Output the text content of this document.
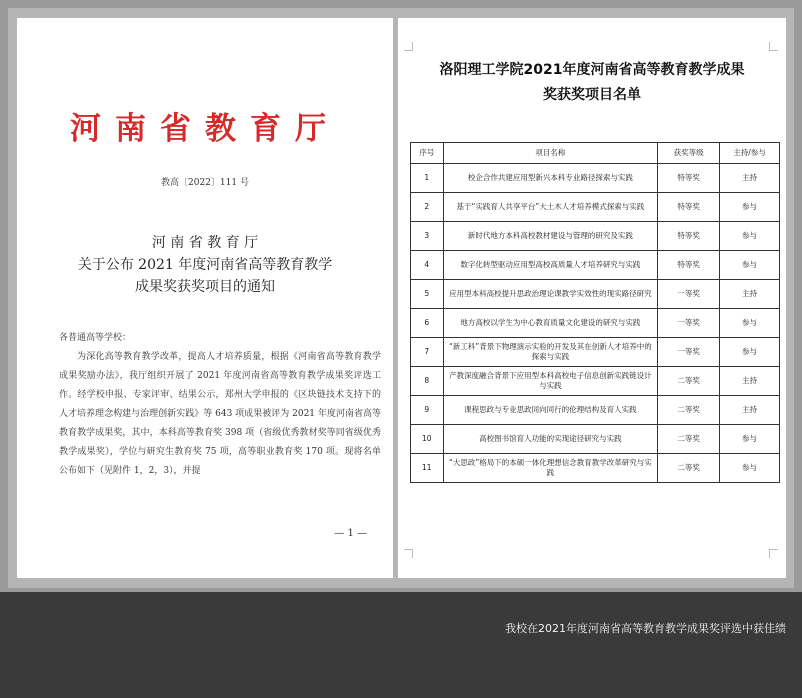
河南省教育厅
教高〔2022〕111 号
河 南 省 教 育 厅
关于公布 2021 年度河南省高等教育教学
成果奖获奖项目的通知
各普通高等学校：
为深化高等教育教学改革，提高人才培养质量，根据《河南省高等教育教学成果奖励办法》，我厅组织开展了 2021 年度河南省高等教育教学成果奖评选工作。经学校申报、专家评审、结果公示，郑州大学申报的《区块链技术支持下的人才培养理念构建与治理创新实践》等 643 项成果被评为 2021 年度河南省高等教育教学成果奖，其中，本科高等教育奖 398 项（省级优秀教材奖等同省级优秀教学成果奖），学位与研究生教育奖 75 项，高等职业教育奖 170 项。现将名单公布如下（见附件 1，2，3），并提
— 1 —
洛阳理工学院2021年度河南省高等教育教学成果
奖获奖项目名单
序号	项目名称	获奖等级	主持/参与
1	校企合作共建应用型新兴本科专业路径探索与实践	特等奖	主持
2	基于“实践育人共享平台”大土木人才培养模式探索与实践	特等奖	参与
3	新时代地方本科高校教材建设与管理的研究及实践	特等奖	参与
4	数字化转型驱动应用型高校高质量人才培养研究与实践	特等奖	参与
5	应用型本科高校提升思政治理论课教学实效性的现实路径研究	一等奖	主持
6	地方高校以学生为中心教育质量文化建设的研究与实践	一等奖	参与
7	“新工科”背景下物理演示实验的开发及其在创新人才培养中的探索与实践	一等奖	参与
8	产教深度融合背景下应用型本科高校电子信息创新实践链设计与实践	二等奖	主持
9	课程思政与专业思政同向同行的伦理结构及育人实践	二等奖	主持
10	高校图书馆育人功能的实现途径研究与实践	二等奖	参与
11	“大思政”格局下的本硕一体化理想信念教育教学改革研究与实践	二等奖	参与
我校在2021年度河南省高等教育教学成果奖评选中获佳绩
